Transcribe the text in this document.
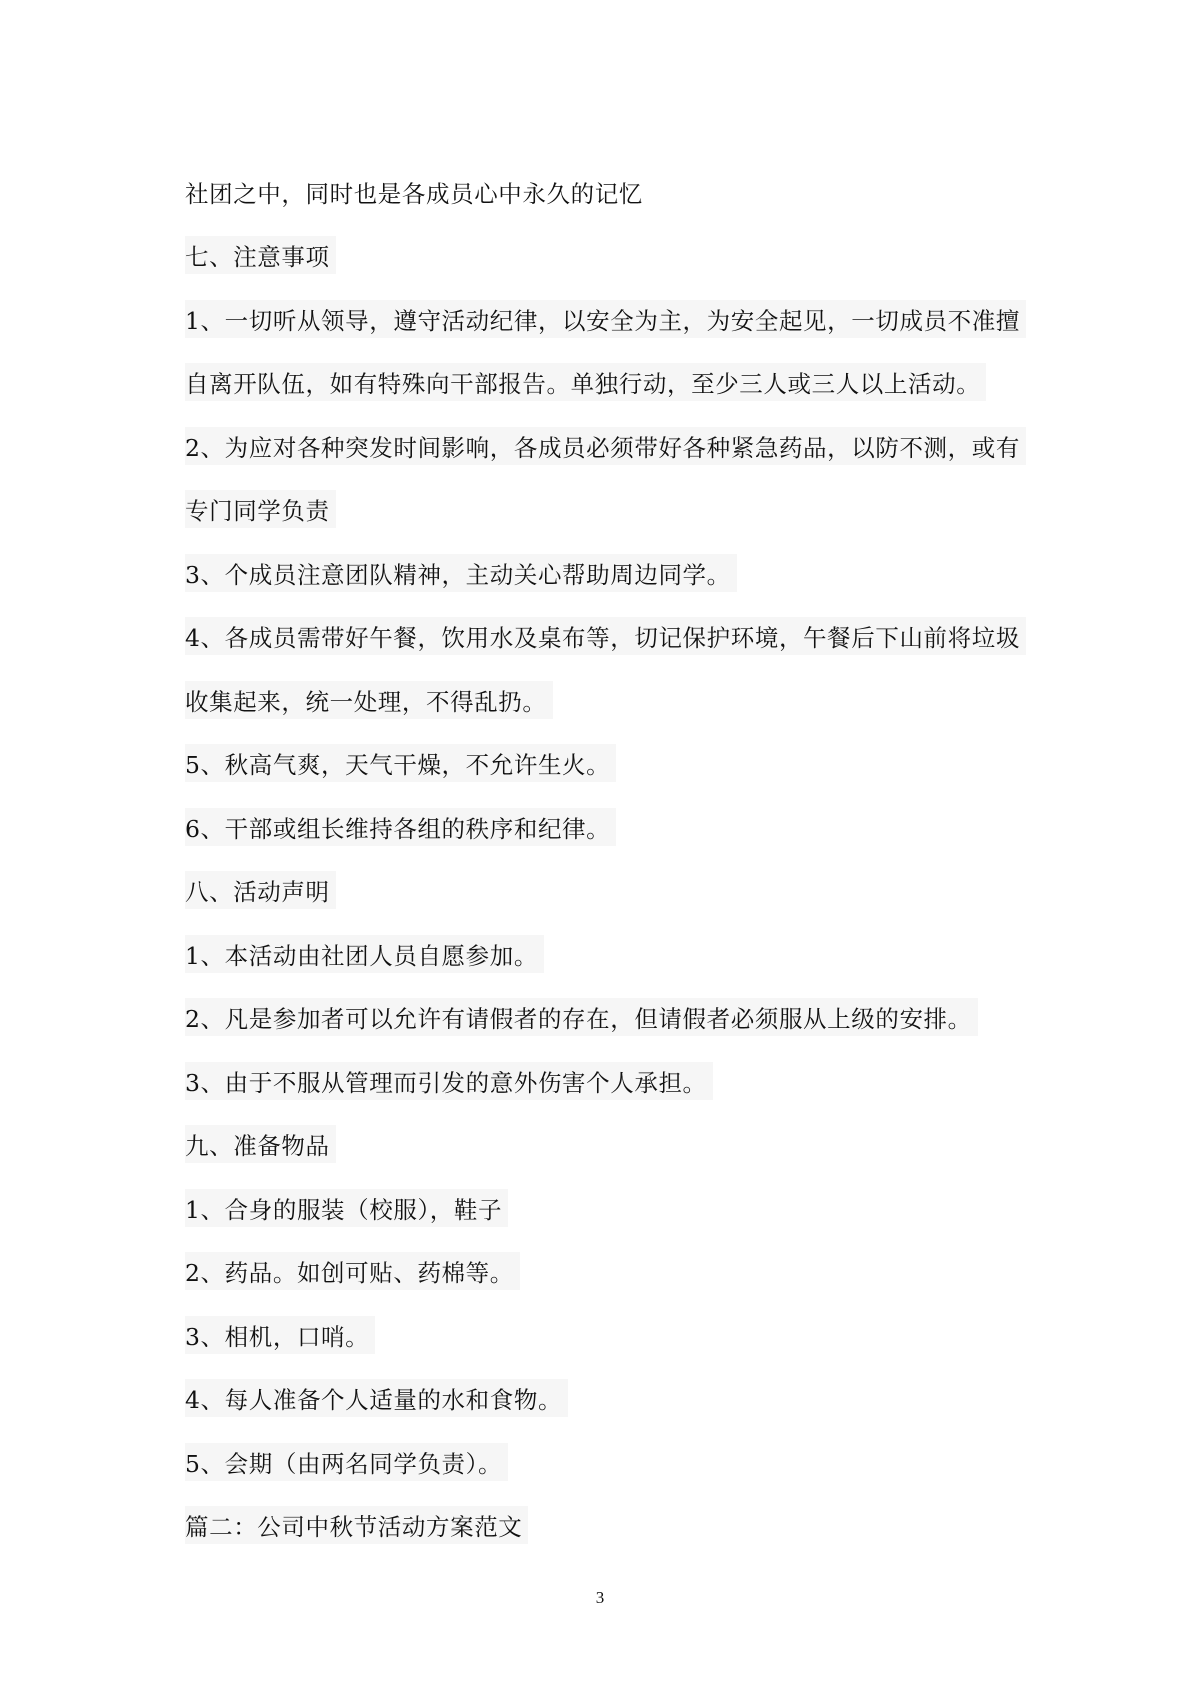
社团之中，同时也是各成员心中永久的记忆
七、注意事项
1、一切听从领导，遵守活动纪律，以安全为主，为安全起见，一切成员不准擅
自离开队伍，如有特殊向干部报告。单独行动，至少三人或三人以上活动。
2、为应对各种突发时间影响，各成员必须带好各种紧急药品，以防不测，或有
专门同学负责
3、个成员注意团队精神，主动关心帮助周边同学。
4、各成员需带好午餐，饮用水及桌布等，切记保护环境，午餐后下山前将垃圾
收集起来，统一处理，不得乱扔。
5、秋高气爽，天气干燥，不允许生火。
6、干部或组长维持各组的秩序和纪律。
八、活动声明
1、本活动由社团人员自愿参加。
2、凡是参加者可以允许有请假者的存在，但请假者必须服从上级的安排。
3、由于不服从管理而引发的意外伤害个人承担。
九、准备物品
1、合身的服装（校服），鞋子
2、药品。如创可贴、药棉等。
3、相机，口哨。
4、每人准备个人适量的水和食物。
5、会期（由两名同学负责）。
篇二：公司中秋节活动方案范文
3
